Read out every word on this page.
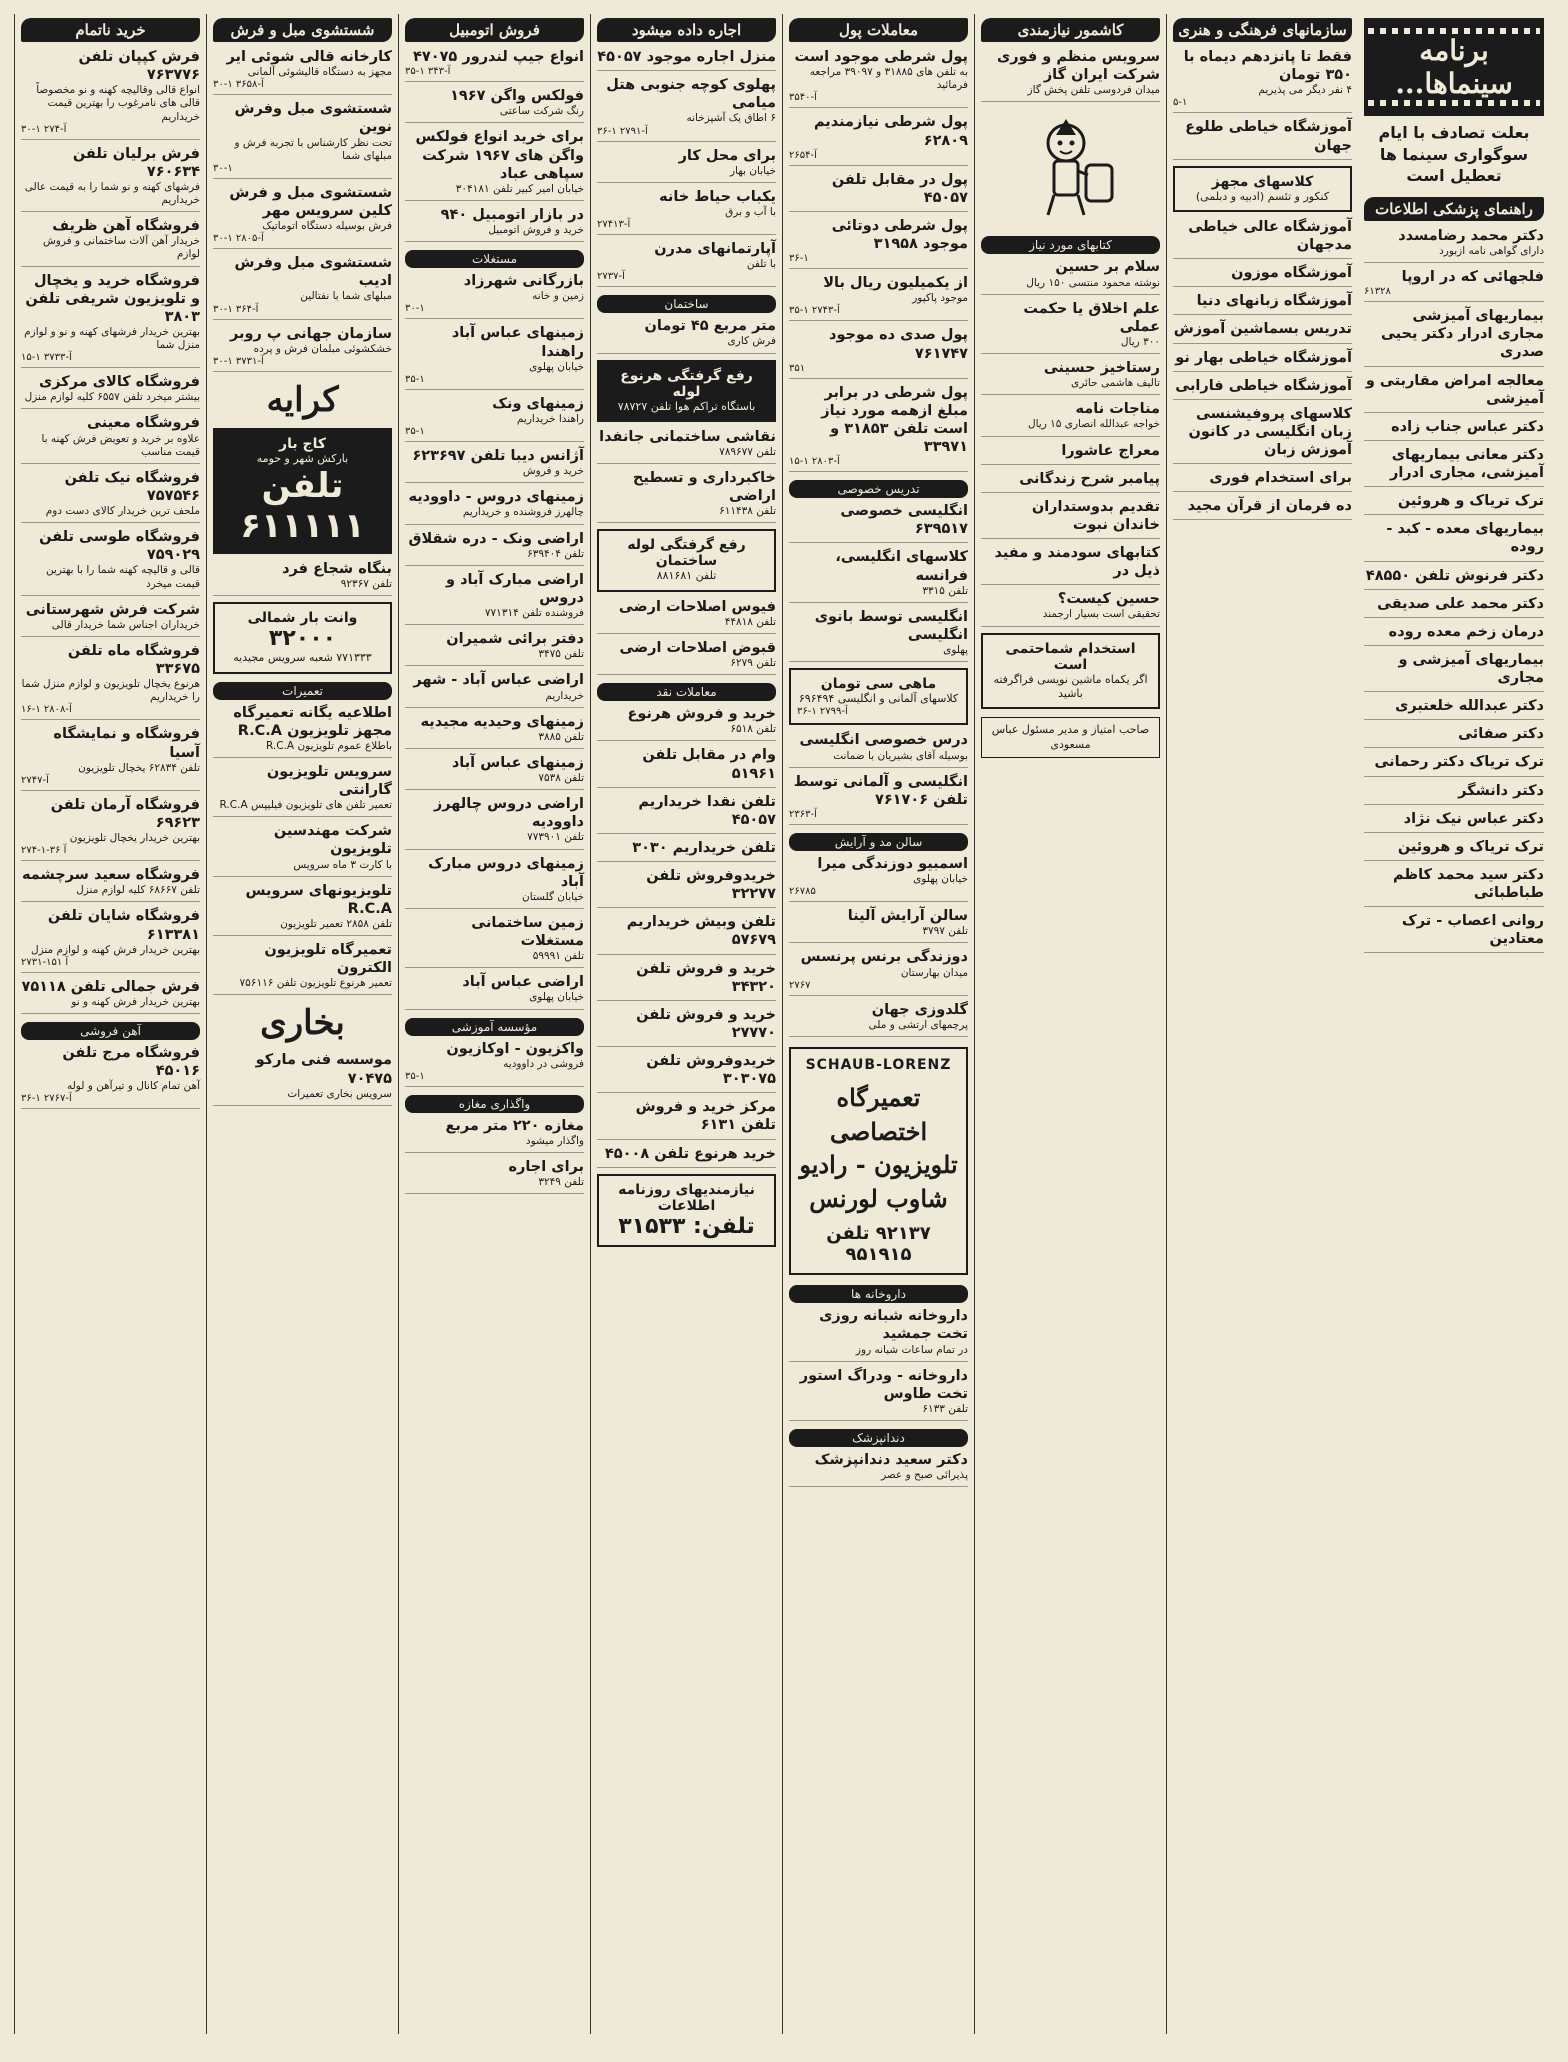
خرید ناتمام
فرش کپپان تلفن ۷۶۳۷۷۶
انواع قالی وقالیچه کهنه و نو مخصوصاً قالی های نامرغوب را بهترین قیمت خریداریم
۳۰-۱ ۲۷۴-آ
فرش برلیان تلفن ۷۶۰۶۳۴
فرشهای کهنه و نو شما را به قیمت عالی خریداریم
فروشگاه آهن ظریف
خریدار آهن آلات ساختمانی و فروش لوازم
فروشگاه خرید و یخچال و تلویزیون شریفی تلفن ۳۸۰۳
بهترین خریدار فرشهای کهنه و نو و لوازم منزل شما
۱۵-۱ ۳۷۳۳-آ
فروشگاه کالای مرکزی
بیشتر میخرد تلفن ۶۵۵۷ کلیه لوازم منزل
فروشگاه معینی
علاوه بر خرید و تعویض فرش کهنه با قیمت مناسب
فروشگاه نیک تلفن ۷۵۷۵۴۶
ملحف ترین خریدار کالای دست دوم
فروشگاه طوسی تلفن ۷۵۹۰۲۹
قالی و قالیچه کهنه شما را با بهترین قیمت میخرد
شرکت فرش شهرستانی
خریداران اجناس شما خریدار قالی
فروشگاه ماه تلفن ۳۳۶۷۵
هرنوع یخچال تلویزیون و لوازم منزل شما را خریداریم
۱۶-۱ ۲۸۰۸-آ
فروشگاه و نمایشگاه آسیا
تلفن ۶۲۸۳۴ یخچال تلویزیون
۲۷۴۷-آ
فروشگاه آرمان تلفن ۶۹۶۲۳
بهترین خریدار یخچال تلویزیون
۲۷۴-آ ۳۶-۱
فروشگاه سعید سرچشمه
تلفن ۶۸۶۶۷ کلیه لوازم منزل
فروشگاه شایان تلفن ۶۱۳۳۸۱
بهترین خریدار فرش کهنه و لوازم منزل
۲۷۳۱-آ ۱۵۱
فرش جمالی تلفن ۷۵۱۱۸
بهترین خریدار فرش کهنه و نو
آهن فروشی
فروشگاه مرج تلفن ۴۵۰۱۶
آهن تمام کانال و تیرآهن و لوله
۳۶-۱ ۲۷۶۷-آ
شستشوی مبل و فرش
کارخانه قالی شوئی ایر
مجهز به دستگاه قالیشوئی آلمانی
۳۰-۱ ۳۶۵۸-آ
شستشوی مبل وفرش نوین
تحت نظر کارشناس با تجربه فرش و مبلهای شما
۳۰-۱
شستشوی مبل و فرش کلین سرویس مهر
فرش بوسیله دستگاه اتوماتیک
۳۰-۱ ۲۸۰۵-آ
شستشوی مبل وفرش ادیب
مبلهای شما با نفتالین
۳۰-۱ ۳۶۴-آ
سازمان جهانی پ روبر
خشکشوئی مبلمان فرش و پرده
۳۰-۱ ۳۷۳۱-آ
کرایه
کاج بار
بارکش شهر و حومه
تلفن ۶۱۱۱۱۱
بنگاه شجاع فرد
تلفن ۹۲۳۶۷
وانت بار شمالی
۳۲۰۰۰
۷۷۱۳۳۳ شعبه سرویس مجیدیه
تعمیرات
اطلاعیه یگانه تعمیرگاه مجهز تلویزیون R.C.A
باطلاع عموم تلویزیون R.C.A
سرویس تلویزیون گارانتی
تعمیر تلفن های تلویزیون فیلیپس R.C.A
شرکت مهندسین تلویزیون
با کارت ۳ ماه سرویس
تلویزیونهای سرویس R.C.A
تلفن ۲۸۵۸ تعمیر تلویزیون
تعمیرگاه تلویزیون الکترون
تعمیر هرنوع تلویزیون تلفن ۷۵۶۱۱۶
بخاری
موسسه فنی مارکو ۷۰۴۷۵
سرویس بخاری تعمیرات
فروش اتومبیل
انواع جیپ لندرور ۴۷۰۷۵
۳۵-۱ ۳۴۳-آ
فولکس واگن ۱۹۶۷
رنگ شرکت ساعتی
برای خرید انواع فولکس واگن های ۱۹۶۷ شرکت سپاهی عباد
خیابان امیر کبیر تلفن ۳۰۴۱۸۱
در بازار اتومبیل ۹۴۰
خرید و فروش اتومبیل
مستغلات
بازرگانی شهرزاد
زمین و خانه
۳۰-۱
زمینهای عباس آباد راهندا
خیابان پهلوی
۳۵-۱
زمینهای ونک
راهندا خریداریم
۳۵-۱
آژانس دیبا تلفن ۶۲۳۶۹۷
خرید و فروش
زمینهای دروس - داوودیه
چالهرز فروشنده و خریداریم
اراضی ونک - دره شقلاق
تلفن ۶۳۹۴۰۴
اراضی مبارک آباد و دروس
فروشنده تلفن ۷۷۱۳۱۴
دفتر برائی شمیران
تلفن ۳۴۷۵
اراضی عباس آباد - شهر
خریداریم
زمینهای وحیدیه مجیدیه
تلفن ۳۸۸۵
زمینهای عباس آباد
تلفن ۷۵۳۸
اراضی دروس چالهرز داوودیه
تلفن ۷۷۳۹۰۱
زمینهای دروس مبارک آباد
خیابان گلستان
زمین ساختمانی مستغلات
تلفن ۵۹۹۹۱
اراضی عباس آباد
خیابان پهلوی
مؤسسه آموزشی
واکزیون - اوکازیون
فروشی در داوودیه
۳۵-۱
واگذاری مغازه
مغازه ۲۲۰ متر مربع
واگذار میشود
برای اجاره
تلفن ۳۲۴۹
اجاره داده میشود
منزل اجاره موجود ۴۵۰۵۷
پهلوی کوچه جنوبی هتل میامی
۶ اطاق یک آشپزخانه
۳۶-۱ ۲۷۹۱-آ
برای محل کار
خیابان بهار
یکباب حیاط خانه
با آب و برق
۲۷۴۱۳-آ
آپارتمانهای مدرن
با تلفن
۲۷۳۷-آ
ساختمان
متر مربع ۴۵ تومان
فرش کاری
رفع گرفتگی هرنوع لوله
باستگاه تراکم هوا تلفن ۷۸۷۲۷
نقاشی ساختمانی جانفدا
تلفن ۷۸۹۶۷۷
خاکبرداری و تسطیح اراضی
تلفن ۶۱۱۴۳۸
رفع گرفتگی لوله ساختمان
تلفن ۸۸۱۶۸۱
فیوس اصلاحات ارضی
تلفن ۴۴۸۱۸
قبوض اصلاحات ارضی
تلفن ۶۲۷۹
معاملات نقد
خرید و فروش هرنوع
تلفن ۶۵۱۸
وام در مقابل تلفن ۵۱۹۶۱
تلفن نقدا خریداریم ۴۵۰۵۷
تلفن خریداریم ۳۰۳۰
خریدوفروش تلفن ۳۲۲۷۷
تلفن وبیش خریداریم ۵۷۶۷۹
خرید و فروش تلفن ۳۴۳۲۰
خرید و فروش تلفن ۲۷۷۷۰
خریدوفروش تلفن ۳۰۳۰۷۵
مرکز خرید و فروش تلفن ۶۱۳۱
خرید هرنوع تلفن ۴۵۰۰۸
نیازمندیهای روزنامه اطلاعات
تلفن: ۳۱۵۳۳
معاملات پول
پول شرطی موجود است
به تلفن های ۳۱۸۸۵ و ۳۹۰۹۷ مراجعه فرمائید
۳۵۴۰-آ
پول شرطی نیازمندیم ۶۲۸۰۹
۲۶۵۴-آ
پول در مقابل تلفن ۴۵۰۵۷
پول شرطی دوتائی موجود ۳۱۹۵۸
۳۶-۱
از یکمیلیون ریال بالا
موجود پاکپور
۳۵-۱ ۲۷۴۳-آ
پول صدی ده موجود ۷۶۱۷۴۷
۳۵۱
پول شرطی در برابر مبلغ ازهمه مورد نیاز است تلفن ۳۱۸۵۳ و ۳۳۹۷۱
۱۵-۱ ۲۸۰۳-آ
تدریس خصوصی
انگلیسی خصوصی ۶۳۹۵۱۷
کلاسهای انگلیسی، فرانسه
تلفن ۳۳۱۵
انگلیسی توسط بانوی انگلیسی
پهلوی
ماهی سی تومان
کلاسهای آلمانی و انگلیسی ۶۹۶۴۹۴
۳۶-۱ ۲۷۹۹-آ
درس خصوصی انگلیسی
بوسیله آقای بشیریان با ضمانت
انگلیسی و آلمانی توسط تلفن ۷۶۱۷۰۶
۲۳۶۳-آ
سالن مد و آرایش
اسمبیو دوزندگی میرا
خیابان پهلوی
۲۶۷۸۵
سالن آرایش آلینا
تلفن ۳۷۹۷
دوزندگی برنس پرنسس
میدان بهارستان
۲۷۶۷
گلدوزی جهان
پرچمهای ارتشی و ملی
SCHAUB-LORENZ
تعمیرگاه اختصاصی تلویزیون - رادیو شاوب لورنس
۹۲۱۳۷ تلفن ۹۵۱۹۱۵
داروخانه ها
داروخانه شبانه روزی تخت جمشید
در تمام ساعات شبانه روز
داروخانه - ودراگ استور تخت طاوس
تلفن ۶۱۳۳
دندانپزشک
دکتر سعید دندانپزشک
پذیرائی صبح و عصر
کاشمور نیازمندی
سرویس منظم و فوری شرکت ایران گاز
میدان فردوسی تلفن پخش گاز
کتابهای مورد نیاز
سلام بر حسین
نوشته محمود منتسی ۱۵۰ ریال
علم اخلاق یا حکمت عملی
۳۰۰ ریال
رستاخیز حسینی
تالیف هاشمی حائری
مناجات نامه
خواجه عبدالله انصاری ۱۵ ریال
معراج عاشورا
پیامبر شرح زندگانی
تقدیم بدوستداران خاندان نبوت
کتابهای سودمند و مفید ذیل در
حسین کیست؟
تحقیقی است بسیار ارجمند
استخدام شماحتمی است
اگر یکماه ماشین نویسی فراگرفته باشید
صاحب امتیاز و مدیر مسئول عباس مسعودی
سازمانهای فرهنگی و هنری
فقط تا پانزدهم دیماه با ۳۵۰ تومان
۴ نفر دیگر می پذیریم
۵-۱
آموزشگاه خیاطی طلوع جهان
کلاسهای مجهز
کنکور و تئسم (ادبیه و دبلمی)
آموزشگاه عالی خیاطی مدجهان
آموزشگاه موزون
آموزشگاه زبانهای دنیا
تدریس بسماشین آموزش
آموزشگاه خیاطی بهار نو
آموزشگاه خیاطی فارابی
کلاسهای پروفیشنسی زبان انگلیسی در کانون آموزش زبان
برای استخدام فوری
ده فرمان از قرآن مجید
برنامه سینماها...
بعلت تصادف با ایام سوگواری سینما ها تعطیل است
راهنمای پزشکی اطلاعات
دکتر محمد رضامسدد
دارای گواهی نامه ازبورد
فلجهائی که در اروپا
۶۱۳۲۸
بیماریهای آمیزشی مجاری ادرار دکتر یحیی صدری
معالجه امراض مقاربتی و آمیزشی
دکتر عباس جناب زاده
دکتر معانی بیماریهای آمیزشی، مجاری ادرار
ترک تریاک و هروئین
بیماریهای معده - کبد - روده
دکتر فرنوش تلفن ۴۸۵۵۰
دکتر محمد علی صدیقی
درمان زخم معده روده
بیماریهای آمیزشی و مجاری
دکتر عبدالله خلعتبری
دکتر صفائی
ترک تریاک دکتر رحمانی
دکتر دانشگر
دکتر عباس نیک نژاد
ترک تریاک و هروئین
دکتر سید محمد کاظم طباطبائی
روانی اعصاب - ترک معتادین
